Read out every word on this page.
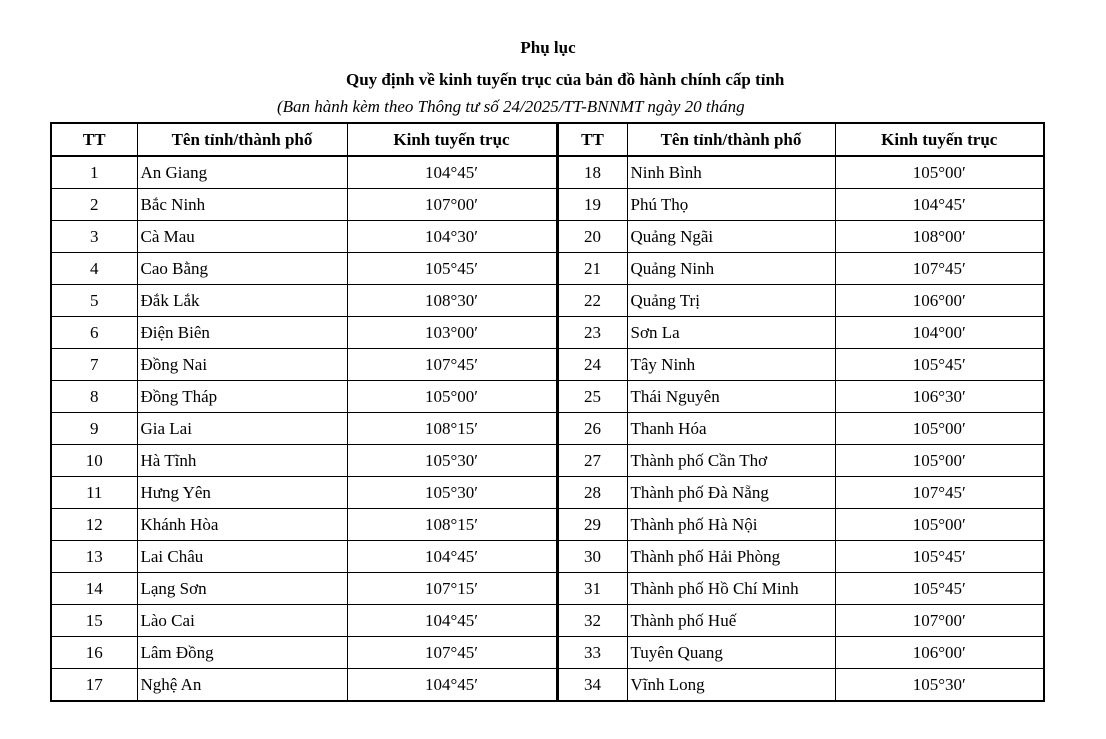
Phụ lục
Quy định về kinh tuyến trục của bản đồ hành chính cấp tỉnh
(Ban hành kèm theo Thông tư số 24/2025/TT-BNNMT ngày 20 tháng
TT	Tên tỉnh/thành phố	Kinh tuyến trục	TT	Tên tỉnh/thành phố	Kinh tuyến trục
1	An Giang	104°45′	18	Ninh Bình	105°00′
2	Bắc Ninh	107°00′	19	Phú Thọ	104°45′
3	Cà Mau	104°30′	20	Quảng Ngãi	108°00′
4	Cao Bằng	105°45′	21	Quảng Ninh	107°45′
5	Đắk Lắk	108°30′	22	Quảng Trị	106°00′
6	Điện Biên	103°00′	23	Sơn La	104°00′
7	Đồng Nai	107°45′	24	Tây Ninh	105°45′
8	Đồng Tháp	105°00′	25	Thái Nguyên	106°30′
9	Gia Lai	108°15′	26	Thanh Hóa	105°00′
10	Hà Tĩnh	105°30′	27	Thành phố Cần Thơ	105°00′
11	Hưng Yên	105°30′	28	Thành phố Đà Nẵng	107°45′
12	Khánh Hòa	108°15′	29	Thành phố Hà Nội	105°00′
13	Lai Châu	104°45′	30	Thành phố Hải Phòng	105°45′
14	Lạng Sơn	107°15′	31	Thành phố Hồ Chí Minh	105°45′
15	Lào Cai	104°45′	32	Thành phố Huế	107°00′
16	Lâm Đồng	107°45′	33	Tuyên Quang	106°00′
17	Nghệ An	104°45′	34	Vĩnh Long	105°30′
